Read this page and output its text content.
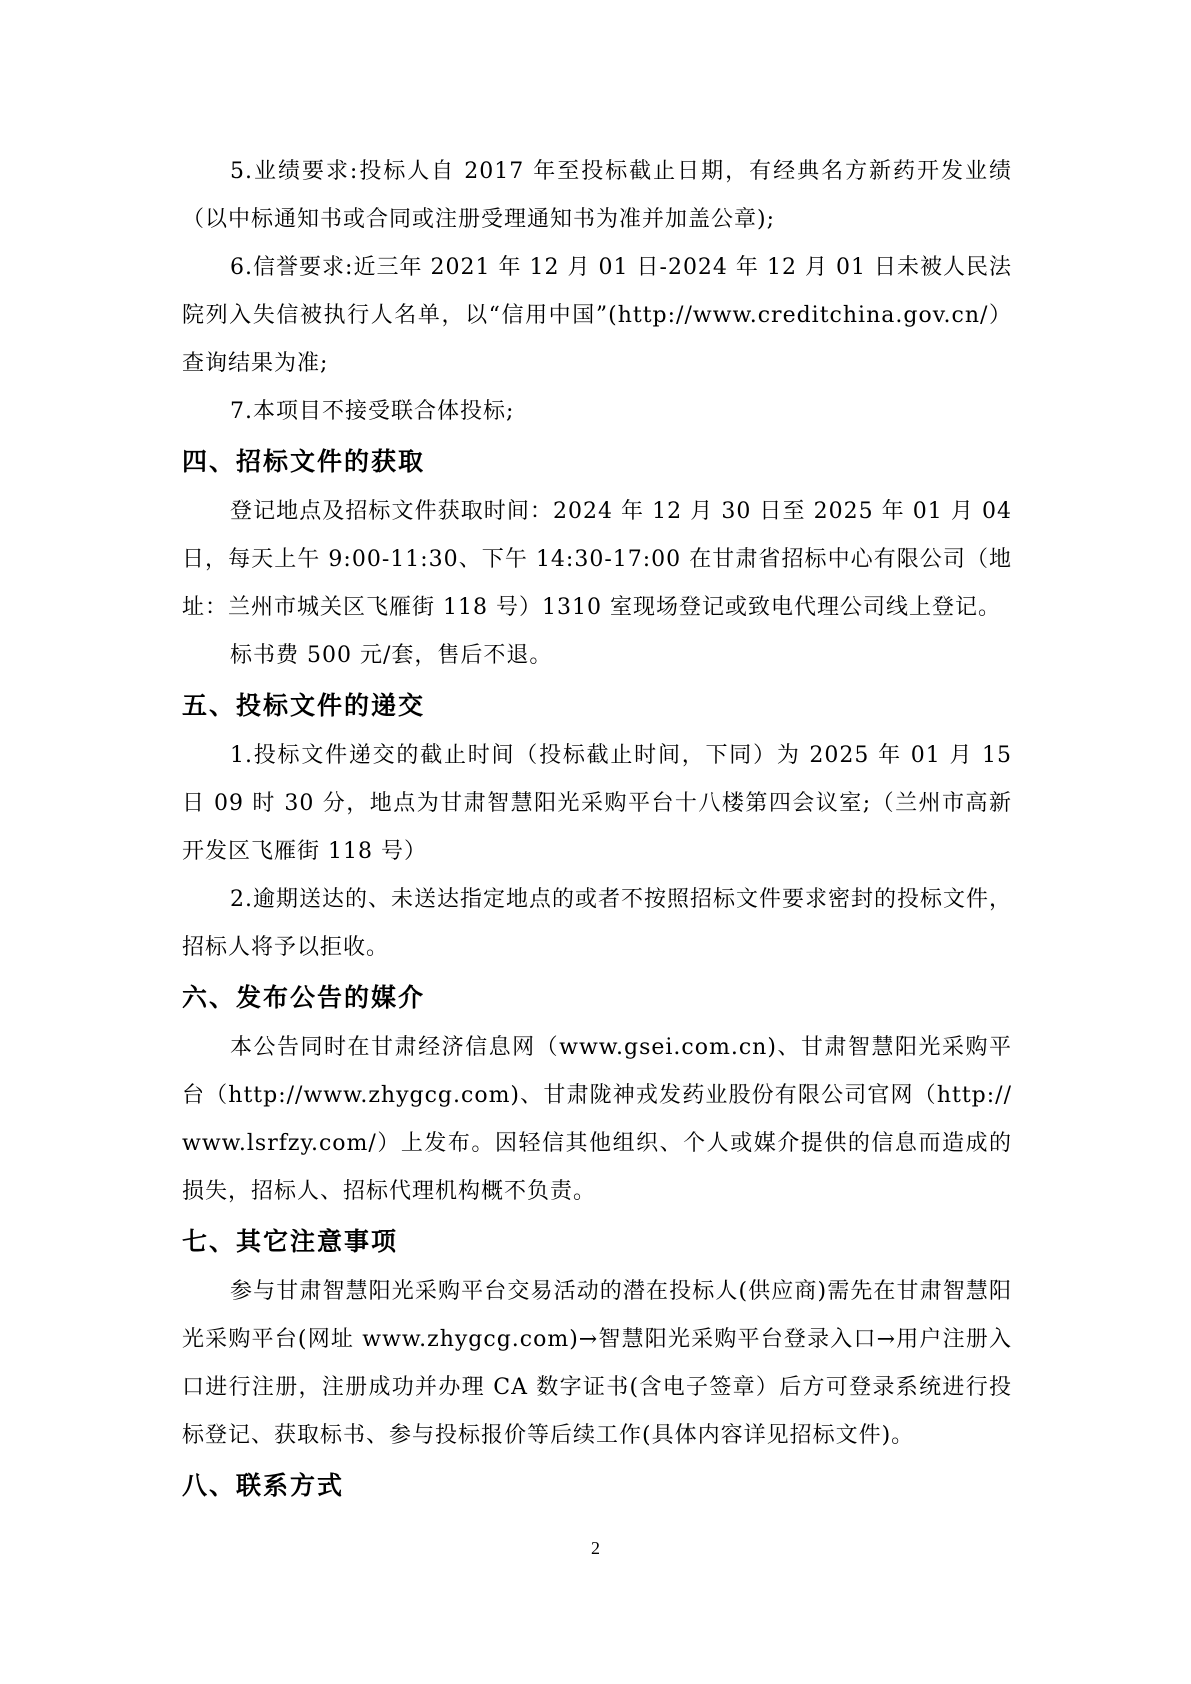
5.业绩要求:投标人自 2017 年至投标截止日期，有经典名方新药开发业绩（以中标通知书或合同或注册受理通知书为准并加盖公章);

6.信誉要求:近三年 2021 年 12 月 01 日-2024 年 12 月 01 日未被人民法院列入失信被执行人名单，以“信用中国”(http://www.creditchina.gov.cn/）查询结果为准;

7.本项目不接受联合体投标;

四、招标文件的获取

登记地点及招标文件获取时间：2024 年 12 月 30 日至 2025 年 01 月 04 日，每天上午 9:00-11:30、下午 14:30-17:00 在甘肃省招标中心有限公司（地址：兰州市城关区飞雁街 118 号）1310 室现场登记或致电代理公司线上登记。

标书费 500 元/套，售后不退。

五、投标文件的递交

1.投标文件递交的截止时间（投标截止时间，下同）为 2025 年 01 月 15 日 09 时 30 分，地点为甘肃智慧阳光采购平台十八楼第四会议室;（兰州市高新开发区飞雁街 118 号）

2.逾期送达的、未送达指定地点的或者不按照招标文件要求密封的投标文件，招标人将予以拒收。

六、发布公告的媒介

本公告同时在甘肃经济信息网（www.gsei.com.cn)、甘肃智慧阳光采购平台（http://www.zhygcg.com)、甘肃陇神戎发药业股份有限公司官网（http://www.lsrfzy.com/）上发布。因轻信其他组织、个人或媒介提供的信息而造成的损失，招标人、招标代理机构概不负责。

七、其它注意事项

参与甘肃智慧阳光采购平台交易活动的潜在投标人(供应商)需先在甘肃智慧阳光采购平台(网址 www.zhygcg.com)→智慧阳光采购平台登录入口→用户注册入口进行注册，注册成功并办理 CA 数字证书(含电子签章）后方可登录系统进行投标登记、获取标书、参与投标报价等后续工作(具体内容详见招标文件)。

八、联系方式
2
